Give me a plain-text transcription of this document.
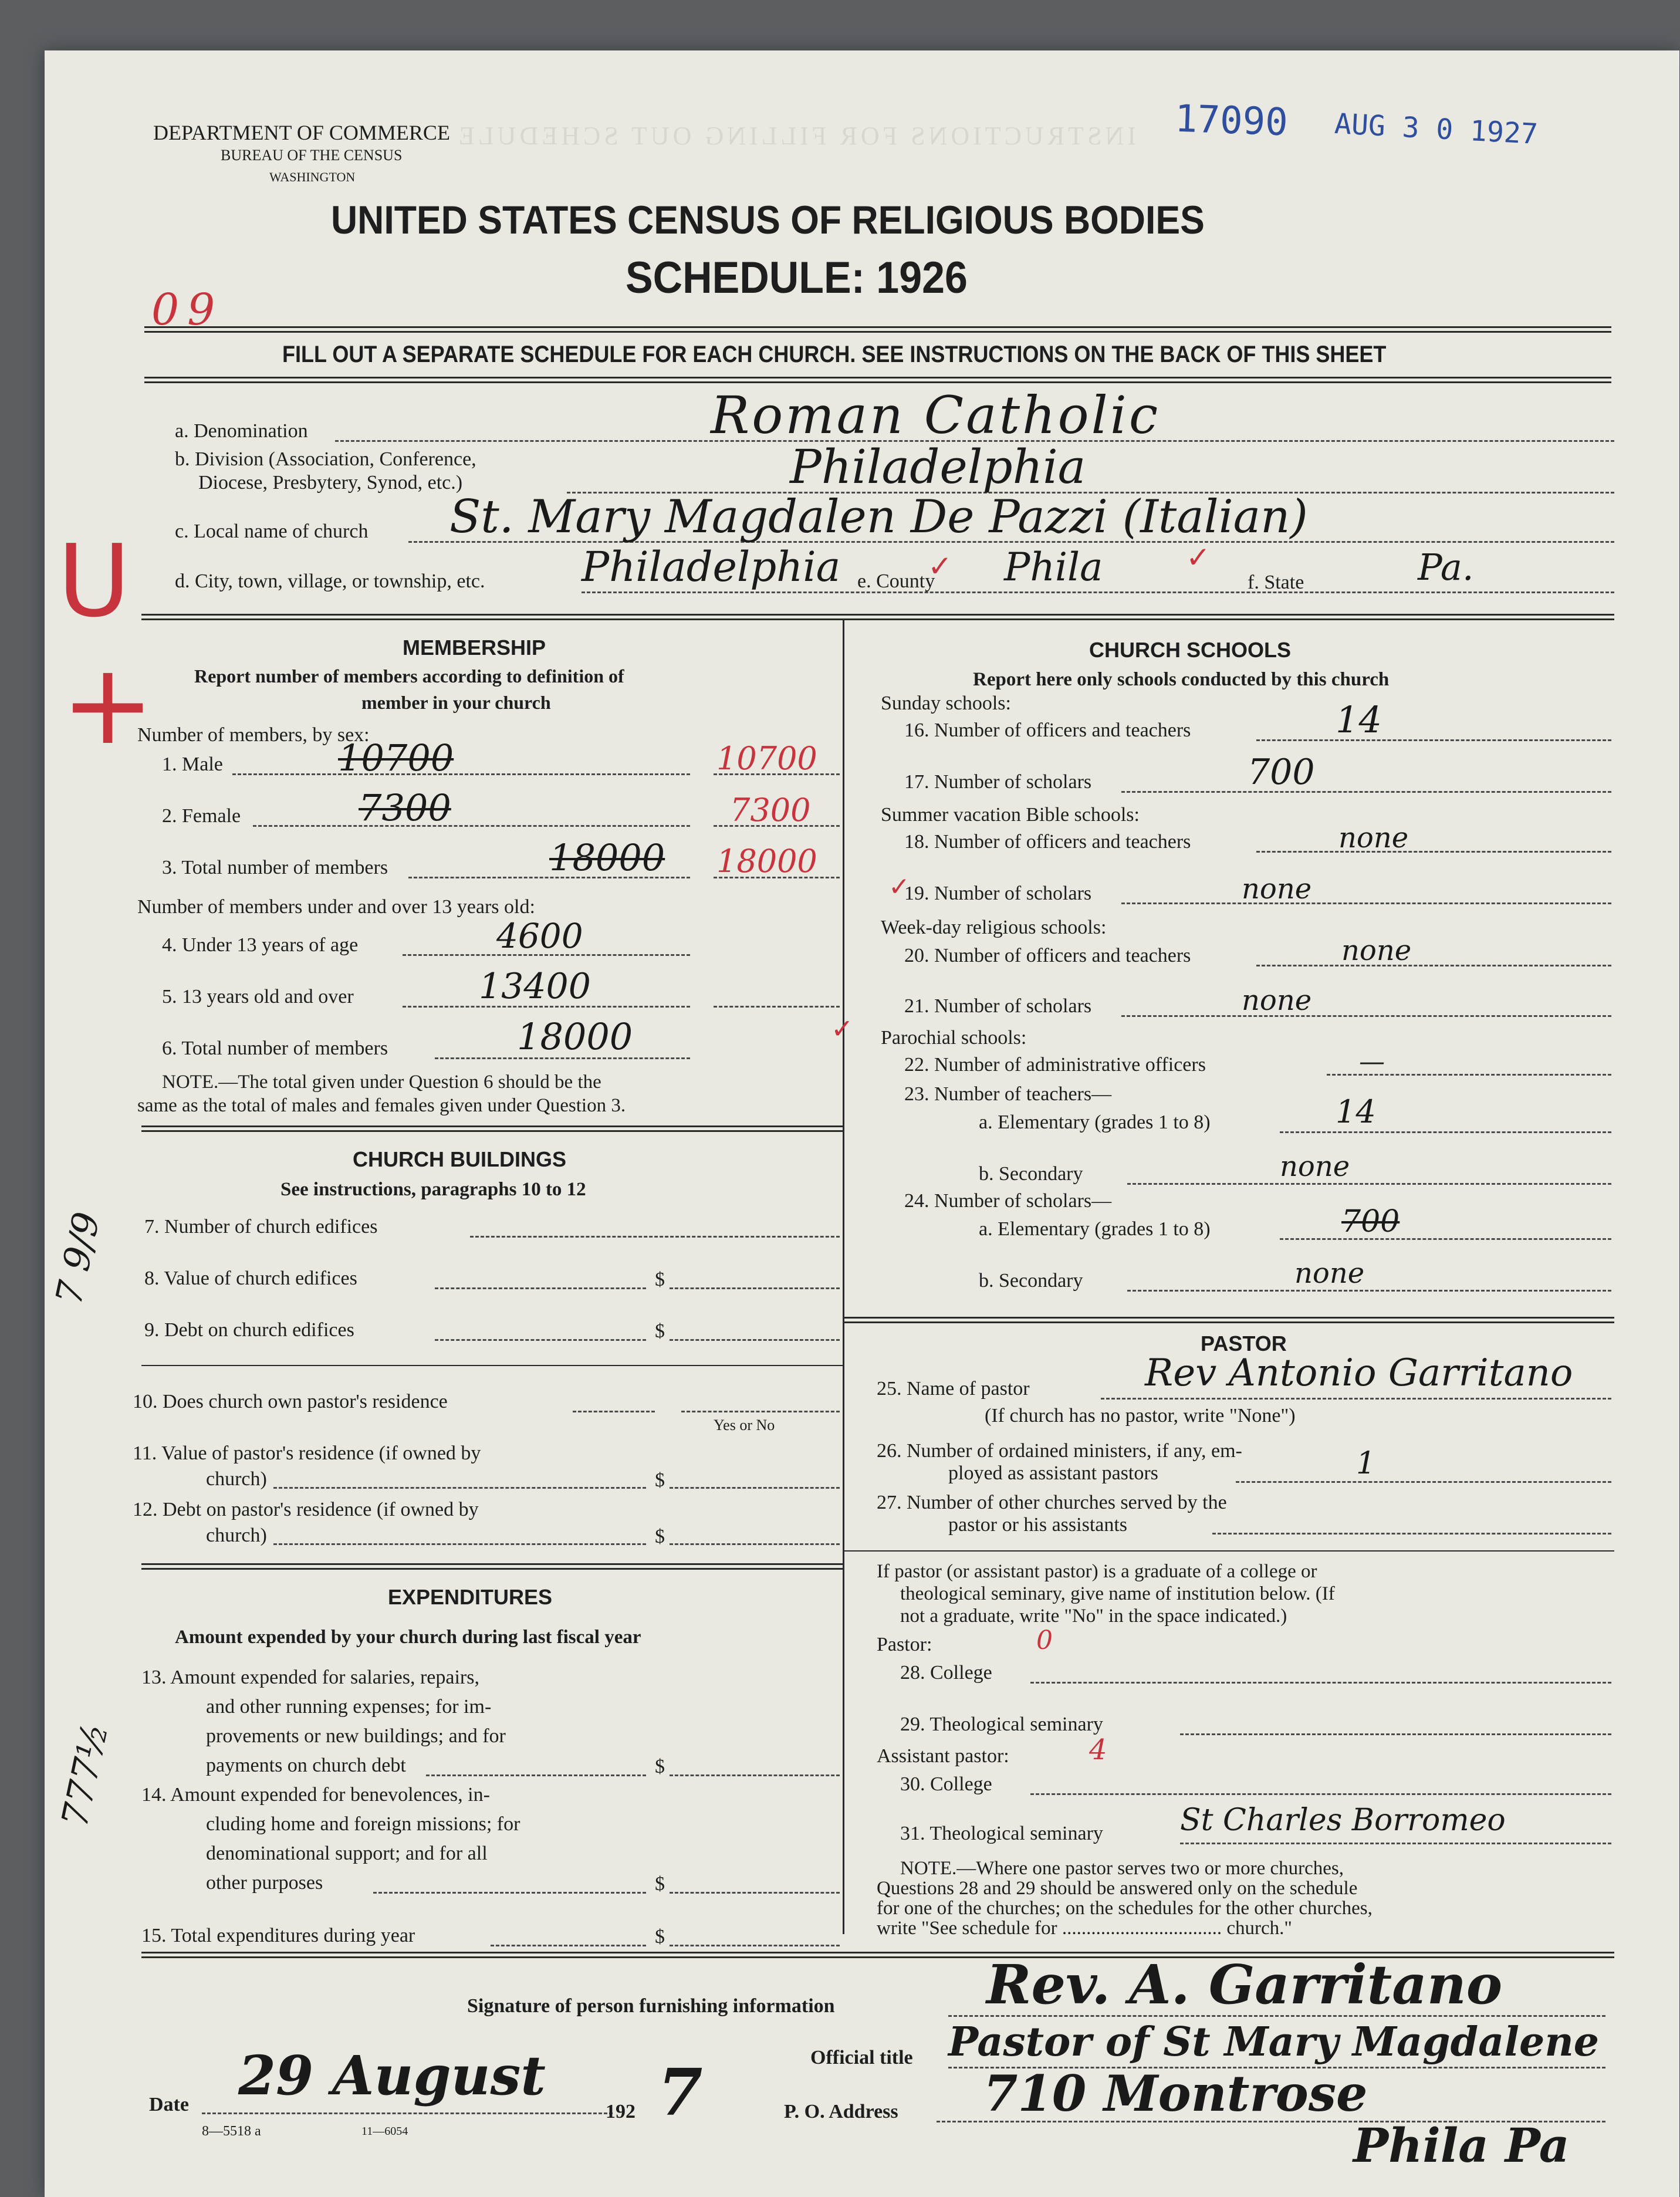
INSTRUCTIONS FOR FILLING OUT SCHEDULE
DEPARTMENT OF COMMERCE
BUREAU OF THE CENSUS
WASHINGTON
17090 AUG 3 0 1927
UNITED STATES CENSUS OF RELIGIOUS BODIES
SCHEDULE: 1926
09
FILL OUT A SEPARATE SCHEDULE FOR EACH CHURCH. SEE INSTRUCTIONS ON THE BACK OF THIS SHEET
a. Denomination	Roman Catholic
b. Division (Association, Conference,
Diocese, Presbytery, Synod, etc.)	Philadelphia
c. Local name of church St. Mary Magdalen De Pazzi (Italian)
d. City, town, village, or township, etc. Philadelphia e. County Phila	f. State	Pa.
✓	✓
✓
U
+
7 9/9
777½
MEMBERSHIP
Report number of members according to definition of
member in your church
Number of members, by sex:
1. Male	10700	10700
2. Female	7300	7300
3. Total number of members	18000 18000
Number of members under and over 13 years old:
4. Under 13 years of age	4600
5. 13 years old and over	13400
6. Total number of members	18000	✓
NOTE.—The total given under Question 6 should be the
same as the total of males and females given under Question 3.
CHURCH BUILDINGS
See instructions, paragraphs 10 to 12
7. Number of church edifices
8. Value of church edifices	$
9. Debt on church edifices	$
10. Does church own pastor's residence
Yes or No
11. Value of pastor's residence (if owned by
church)	$
12. Debt on pastor's residence (if owned by
church)	$
EXPENDITURES
Amount expended by your church during last fiscal year
13. Amount expended for salaries, repairs,
and other running expenses; for im-
provements or new buildings; and for
payments on church debt	$
14. Amount expended for benevolences, in-
cluding home and foreign missions; for
denominational support; and for all
other purposes	$
15. Total expenditures during year	$
CHURCH SCHOOLS
Report here only schools conducted by this church
Sunday schools:
16. Number of officers and teachers	14
17. Number of scholars	700
Summer vacation Bible schools:
18. Number of officers and teachers	none
19. Number of scholars	none
Week-day religious schools:
20. Number of officers and teachers	none
21. Number of scholars	none
Parochial schools:
22. Number of administrative officers	—
23. Number of teachers—
a. Elementary (grades 1 to 8)	14
b. Secondary	none
24. Number of scholars—
a. Elementary (grades 1 to 8)	700
b. Secondary	none
PASTOR
25. Name of pastor	Rev Antonio Garritano
(If church has no pastor, write "None")
26. Number of ordained ministers, if any, em-
ployed as assistant pastors	1
27. Number of other churches served by the
pastor or his assistants
If pastor (or assistant pastor) is a graduate of a college or
theological seminary, give name of institution below. (If
not a graduate, write "No" in the space indicated.)
Pastor:	0
28. College
29. Theological seminary
Assistant pastor:	4
30. College
31. Theological seminary	St Charles Borromeo
NOTE.—Where one pastor serves two or more churches,
Questions 28 and 29 should be answered only on the schedule
for one of the churches; on the schedules for the other churches,
write "See schedule for ................................. church."
Signature of person furnishing information	Rev. A. Garritano
Official title Pastor of St Mary Magdalene
Date 29 August
192 7	P. O. Address 710 Montrose
Phila Pa
8—5518 a	11—6054
